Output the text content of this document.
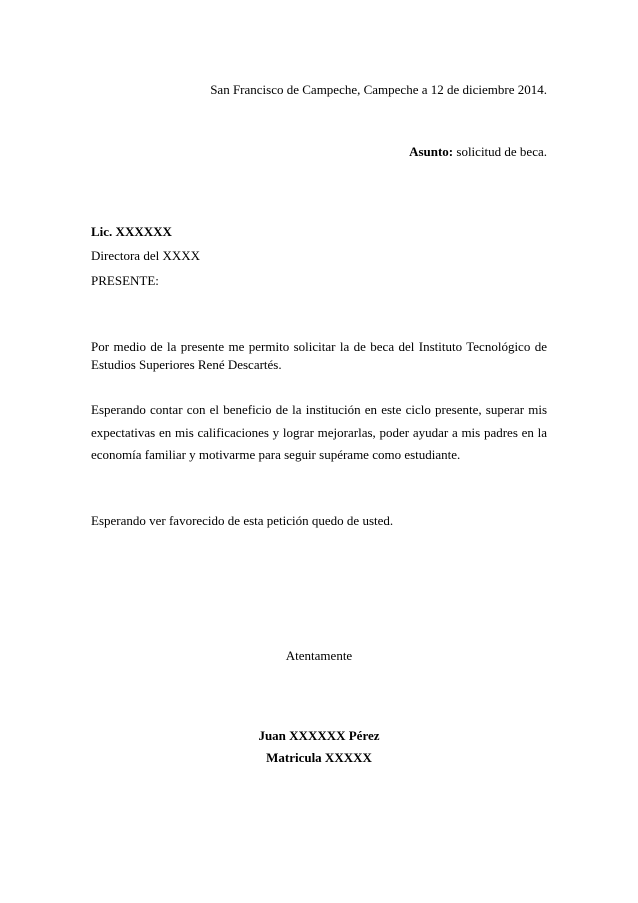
San Francisco de Campeche, Campeche a 12 de diciembre 2014.
Asunto: solicitud de beca.
Lic. XXXXXX
Directora del XXXX
PRESENTE:
Por medio de la presente me permito solicitar la de beca del Instituto Tecnológico de
Estudios Superiores René Descartés.
Esperando contar con el beneficio de la institución en este ciclo presente, superar mis
expectativas en mis calificaciones y lograr mejorarlas, poder ayudar a mis padres en la
economía familiar y motivarme para seguir supérame como estudiante.
Esperando ver favorecido de esta petición quedo de usted.
Atentamente
Juan XXXXXX Pérez
Matricula XXXXX
